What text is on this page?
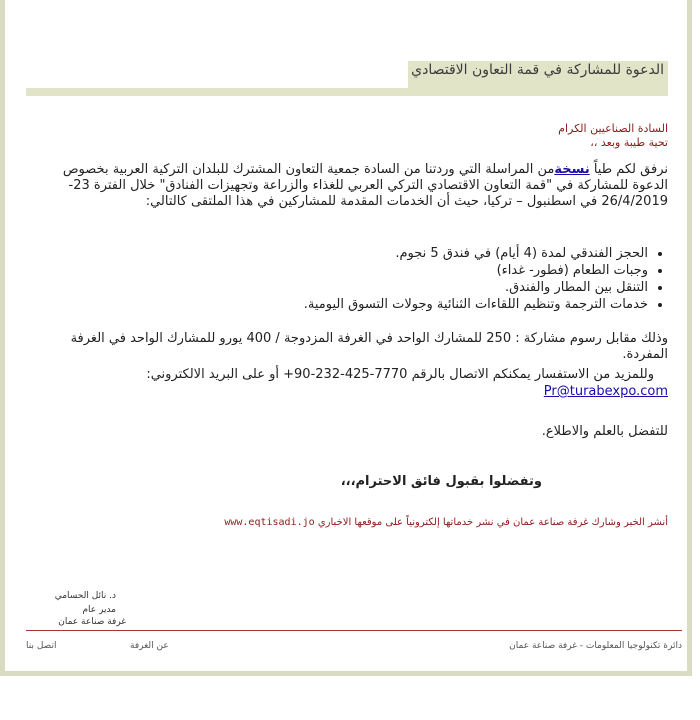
الدعوة للمشاركة في قمة التعاون الاقتصادي
السادة الصناعيين الكرام
تحية طيبة وبعد ،،
نرفق لكم طياً نسخةمن المراسلة التي وردتنا من السادة جمعية التعاون المشترك للبلدان التركية العربية بخصوص الدعوة للمشاركة في "قمة التعاون الاقتصادي التركي العربي للغذاء والزراعة وتجهيزات الفنادق" خلال الفترة 23-26/4/2019 في اسطنبول – تركيا، حيث أن الخدمات المقدمة للمشاركين في هذا الملتقى كالتالي:
• الحجز الفندقي لمدة (4 أيام) في فندق 5 نجوم.
• وجبات الطعام (فطور- غداء)
• التنقل بين المطار والفندق.
• خدمات الترجمة وتنظيم اللقاءات الثنائية وجولات التسوق اليومية.
وذلك مقابل رسوم مشاركة : 250 للمشارك الواحد في الغرفة المزدوجة / 400 يورو للمشارك الواحد في الغرفة المفردة.
وللمزيد من الاستفسار يمكنكم الاتصال بالرقم 7770-425-232-90+ أو على البريد الالكتروني:
Pr@turabexpo.com
للتفضل بالعلم والاطلاع.
وتفضلوا بقبول فائق الاحترام،،،
أنشر الخبر وشارك غرفة صناعة عمان في نشر خدماتها إلكترونياً على موقعها الاخباري www.eqtisadi.jo
د. نائل الحسامي
مدير عام
غرفة صناعة عمان
دائرة تكنولوجيا المعلومات - غرفة صناعة عمان
عن الغرفة
اتصل بنا
